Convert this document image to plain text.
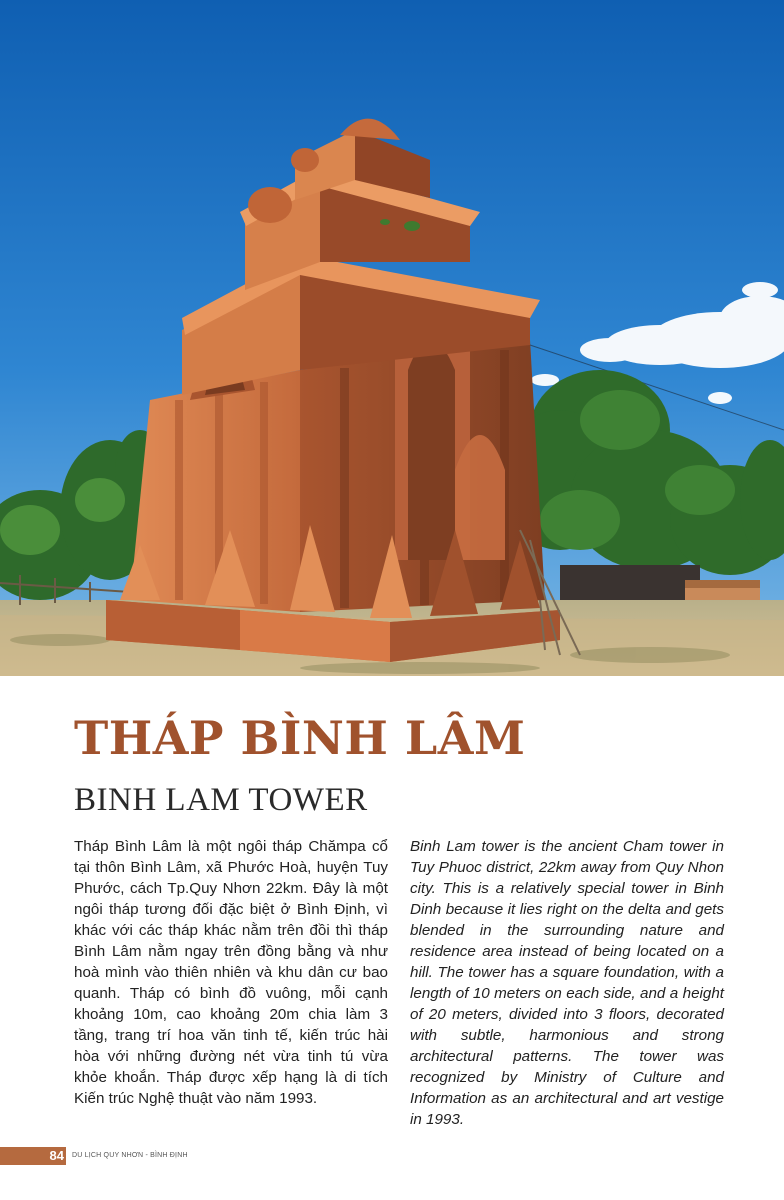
THÁP BÌNH LÂM
BINH LAM TOWER

Tháp Bình Lâm là một ngôi tháp Chămpa cổ tại thôn Bình Lâm, xã Phước Hoà, huyện Tuy Phước, cách Tp.Quy Nhơn 22km. Đây là một ngôi tháp tương đối đặc biệt ở Bình Định, vì khác với các tháp khác nằm trên đồi thì tháp Bình Lâm nằm ngay trên đồng bằng và như hoà mình vào thiên nhiên và khu dân cư bao quanh. Tháp có bình đồ vuông, mỗi cạnh khoảng 10m, cao khoảng 20m chia làm 3 tầng, trang trí hoa văn tinh tế, kiến trúc hài hòa với những đường nét vừa tinh tú vừa khỏe khoắn. Tháp được xếp hạng là di tích Kiến trúc Nghệ thuật vào năm 1993.

Binh Lam tower is the ancient Cham tower in Tuy Phuoc district, 22km away from Quy Nhon city. This is a relatively special tower in Binh Dinh because it lies right on the delta and gets blended in the surrounding nature and residence area instead of being located on a hill. The tower has a square foundation, with a length of 10 meters on each side, and a height of 20 meters, divided into 3 floors, decorated with subtle, harmonious and strong architectural patterns. The tower was recognized by Ministry of Culture and Information as an architectural and art vestige in 1993.

84 DU LỊCH QUY NHƠN - BÌNH ĐỊNH
